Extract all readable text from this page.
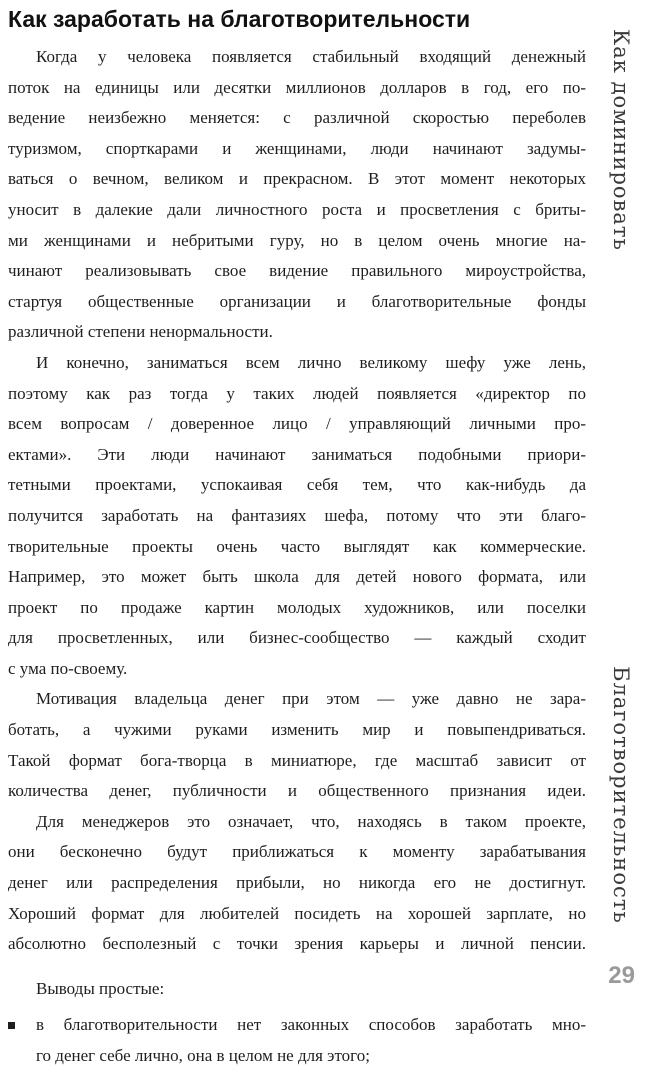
Как заработать на благотворительности

Когда у человека появляется стабильный входящий денежный
поток на единицы или десятки миллионов долларов в год, его по-
ведение неизбежно меняется: с различной скоростью переболев
туризмом, спорткарами и женщинами, люди начинают задумы-
ваться о вечном, великом и прекрасном. В этот момент некоторых
уносит в далекие дали личностного роста и просветления с бриты-
ми женщинами и небритыми гуру, но в целом очень многие на-
чинают реализовывать свое видение правильного мироустройства,
стартуя общественные организации и благотворительные фонды
различной степени ненормальности.

И конечно, заниматься всем лично великому шефу уже лень,
поэтому как раз тогда у таких людей появляется «директор по
всем вопросам / доверенное лицо / управляющий личными про-
ектами». Эти люди начинают заниматься подобными приори-
тетными проектами, успокаивая себя тем, что как-нибудь да
получится заработать на фантазиях шефа, потому что эти благо-
творительные проекты очень часто выглядят как коммерческие.
Например, это может быть школа для детей нового формата, или
проект по продаже картин молодых художников, или поселки
для просветленных, или бизнес-сообщество — каждый сходит
с ума по-своему.

Мотивация владельца денег при этом — уже давно не зара-
ботать, а чужими руками изменить мир и повыпендриваться.
Такой формат бога-творца в миниатюре, где масштаб зависит от
количества денег, публичности и общественного признания идеи.

Для менеджеров это означает, что, находясь в таком проекте,
они бесконечно будут приближаться к моменту зарабатывания
денег или распределения прибыли, но никогда его не достигнут.
Хороший формат для любителей посидеть на хорошей зарплате, но
абсолютно бесполезный с точки зрения карьеры и личной пенсии.

Выводы простые:
в благотворительности нет законных способов заработать мно-
го денег себе лично, она в целом не для этого;
Как доминировать
Благотворительность
29
